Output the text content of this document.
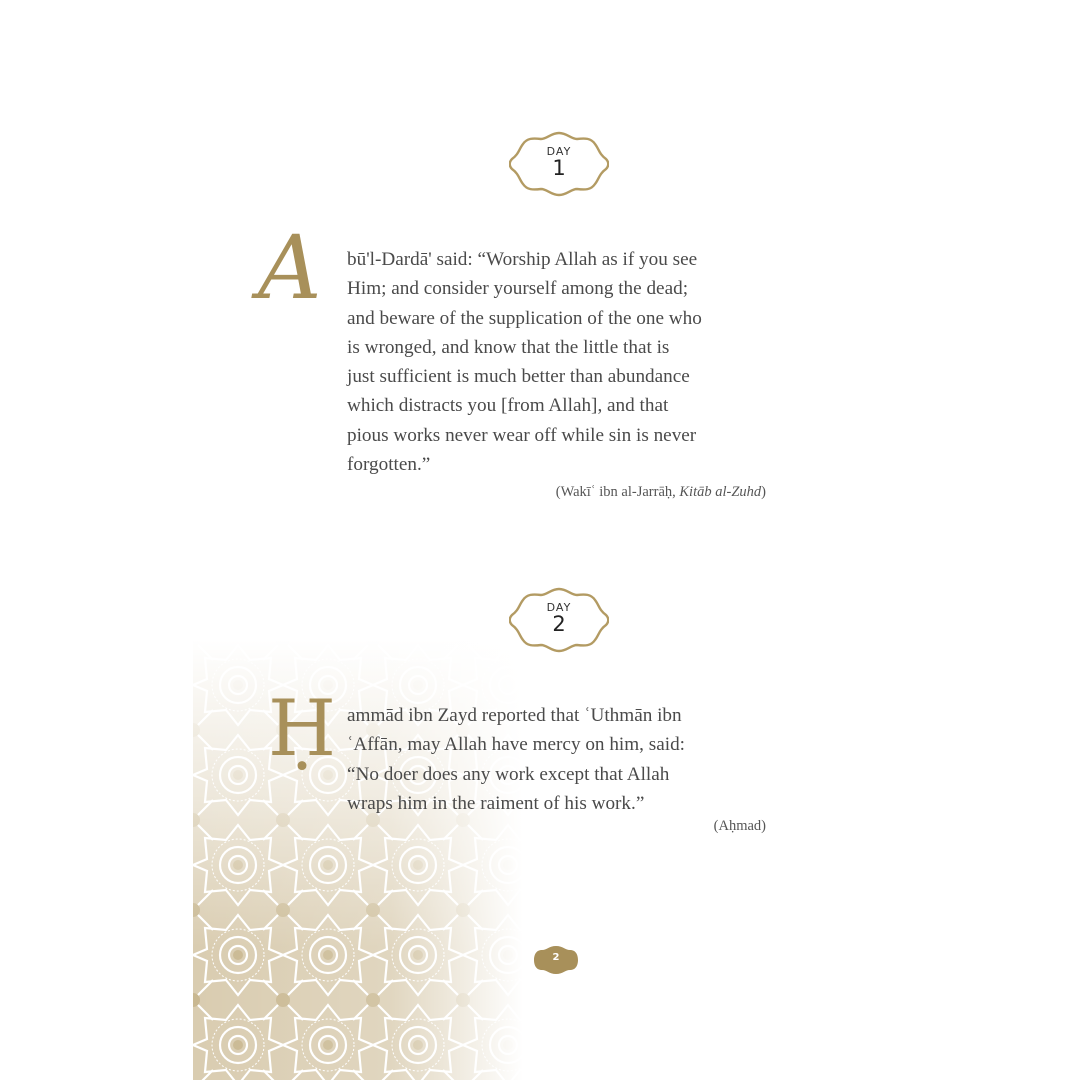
DAY
1
A bū'l-Dardā' said: “Worship Allah as if you see
Him; and consider yourself among the dead;
and beware of the supplication of the one who
is wronged, and know that the little that is
just sufficient is much better than abundance
which distracts you [from Allah], and that
pious works never wear off while sin is never
forgotten.”
(Wakīʿ ibn al-Jarrāḥ, Kitāb al-Zuhd)
DAY
2
Ḥ ammād ibn Zayd reported that ʿUthmān ibn
ʿAffān, may Allah have mercy on him, said:
“No doer does any work except that Allah
wraps him in the raiment of his work.”
(Aḥmad)
2
